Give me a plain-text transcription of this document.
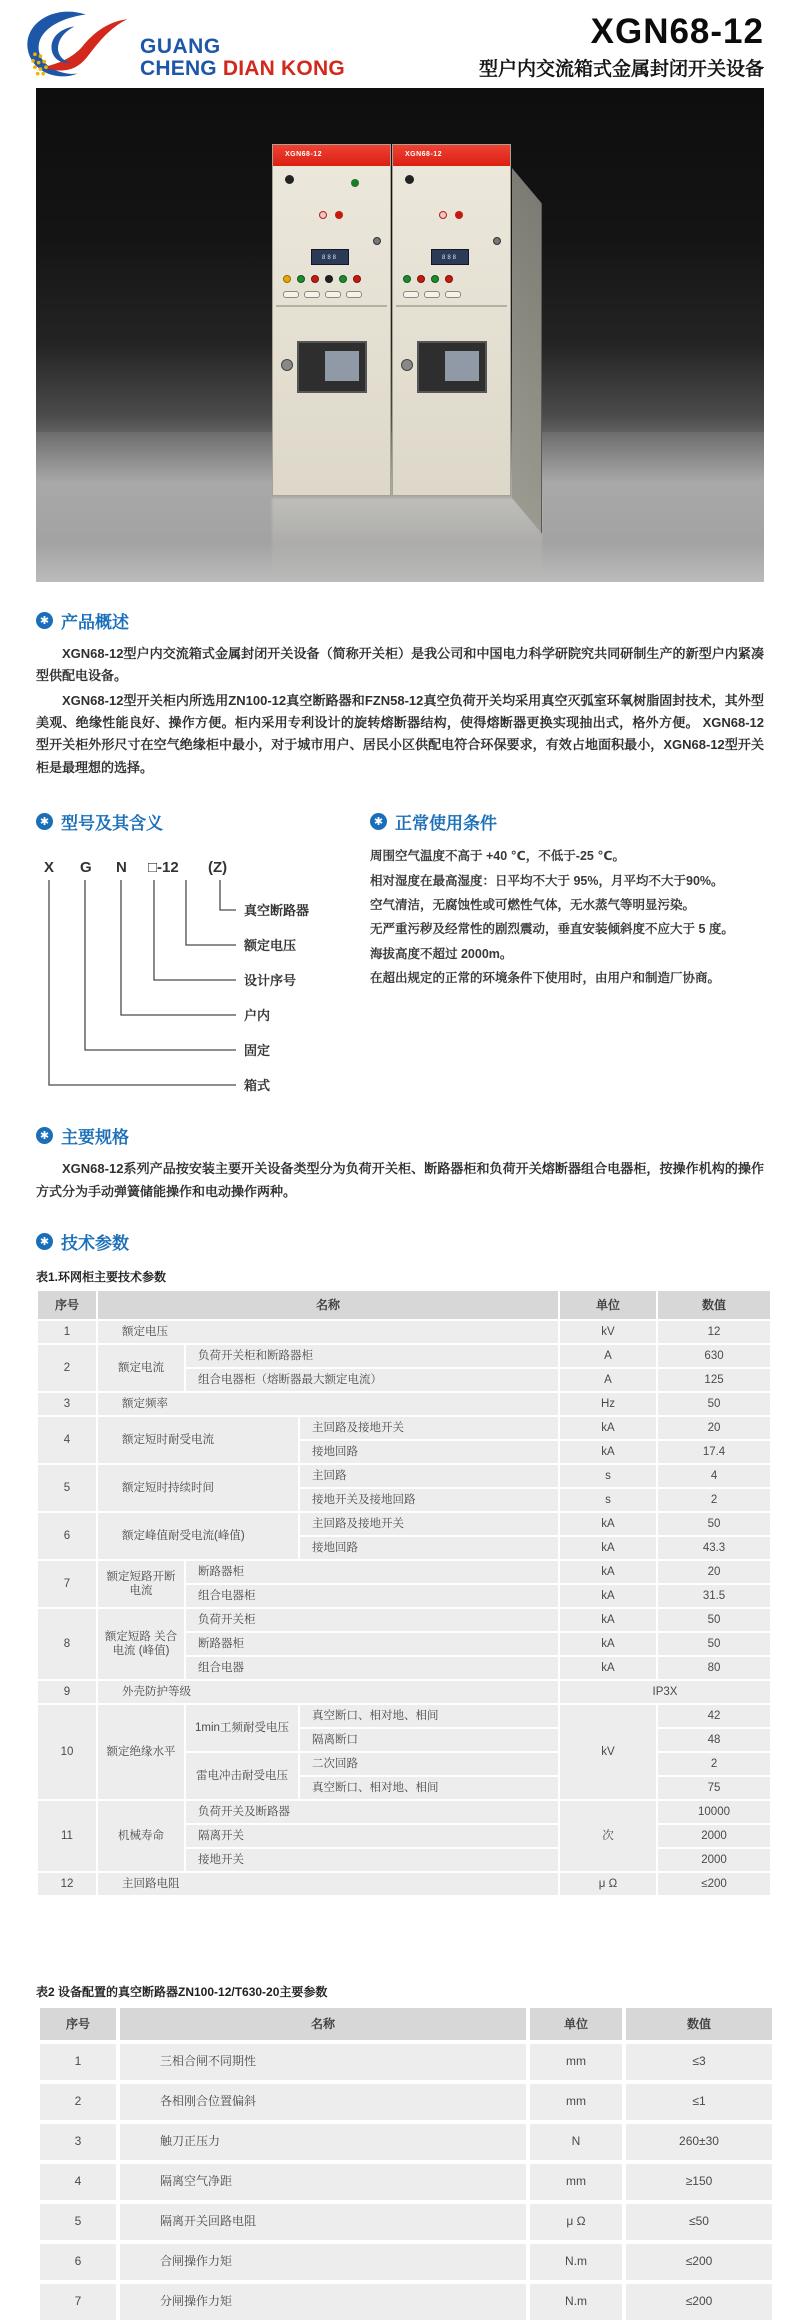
GUANG
CHENG DIAN KONG
XGN68-12
型户内交流箱式金属封闭开关设备
XGN68-12
888
XGN68-12
888
✱ 产品概述

XGN68-12型户内交流箱式金属封闭开关设备（简称开关柜）是我公司和中国电力科学研院究共同研制生产的新型户内紧凑型供配电设备。

XGN68-12型开关柜内所选用ZN100-12真空断路器和FZN58-12真空负荷开关均采用真空灭弧室环氧树脂固封技术，其外型美观、绝缘性能良好、操作方便。柜内采用专利设计的旋转熔断器结构，使得熔断器更换实现抽出式，格外方便。 XGN68-12型开关柜外形尺寸在空气绝缘柜中最小，对于城市用户、居民小区供配电符合环保要求，有效占地面积最小，XGN68-12型开关柜是最理想的选择。

✱ 型号及其含义
X G N □-12 (Z)
真空断路器
额定电压
设计序号
户内
固定
箱式
✱ 正常使用条件

周围空气温度不高于 +40 ℃，不低于-25 ℃。

相对湿度在最高湿度：日平均不大于 95%，月平均不大于90%。

空气清洁，无腐蚀性或可燃性气体，无水蒸气等明显污染。

无严重污秽及经常性的剧烈震动，垂直安装倾斜度不应大于 5 度。

海拔高度不超过 2000m。

在超出规定的正常的环境条件下使用时，由用户和制造厂协商。

✱ 主要规格

XGN68-12系列产品按安装主要开关设备类型分为负荷开关柜、断路器柜和负荷开关熔断器组合电器柜，按操作机构的操作方式分为手动弹簧储能操作和电动操作两种。

✱ 技术参数
表1.环网柜主要技术参数
序号	名称			单位	数值
1	额定电压			kV	12
2	额定电流	负荷开关柜和断路器柜		A	630
		组合电器柜（熔断器最大额定电流）		A	125
3	额定频率			Hz	50
4	额定短时耐受电流		主回路及接地开关	kA	20
			接地回路	kA	17.4
5	额定短时持续时间		主回路	s	4
			接地开关及接地回路	s	2
6	额定峰值耐受电流(峰值)		主回路及接地开关	kA	50
			接地回路	kA	43.3
7	额定短路开断电流	断路器柜		kA	20
		组合电器柜		kA	31.5
8	额定短路 关合电流 (峰值)	负荷开关柜		kA	50
		断路器柜		kA	50
		组合电器		kA	80
9	外壳防护等级			IP3X	
10	额定绝缘水平	1min工频耐受电压	真空断口、相对地、相间	kV	42
			隔离断口		48
		雷电冲击耐受电压	二次回路		2
			真空断口、相对地、相间		75
11	机械寿命	负荷开关及断路器		次	10000
		隔离开关			2000
		接地开关			2000
12	主回路电阻			μ Ω	≤200
表2 设备配置的真空断路器ZN100-12/T630-20主要参数
序号	名称	单位	数值
1	三相合闸不同期性	mm	≤3
2	各相刚合位置偏斜	mm	≤1
3	触刀正压力	N	260±30
4	隔离空气净距	mm	≥150
5	隔离开关回路电阻	μ Ω	≤50
6	合闸操作力矩	N.m	≤200
7	分闸操作力矩	N.m	≤200
